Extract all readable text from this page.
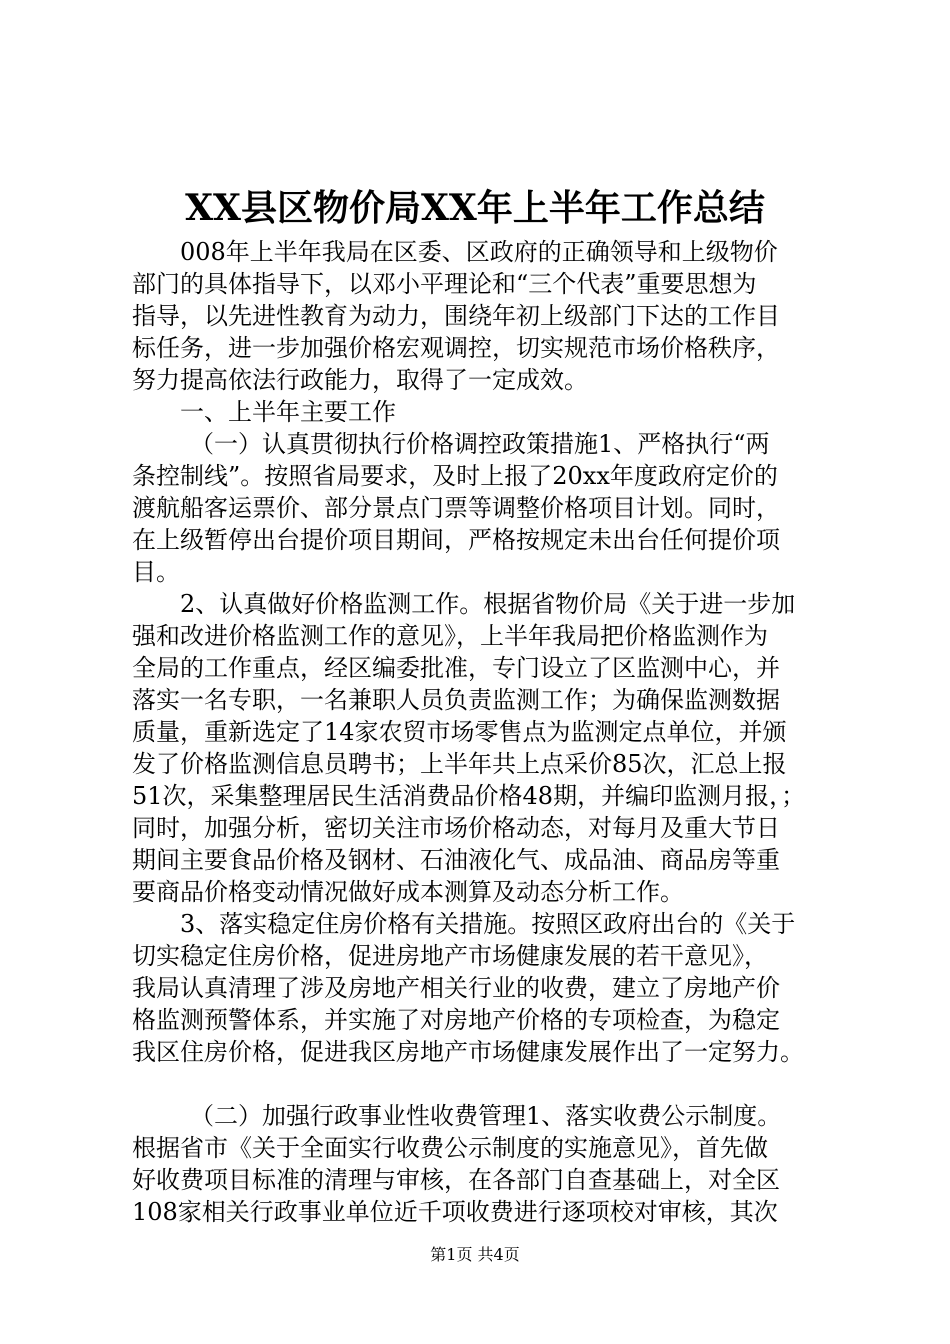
XX县区物价局XX年上半年工作总结
008年上半年我局在区委、区政府的正确领导和上级物价
部门的具体指导下，以邓小平理论和“三个代表”重要思想为
指导，以先进性教育为动力，围绕年初上级部门下达的工作目
标任务，进一步加强价格宏观调控，切实规范市场价格秩序，
努力提高依法行政能力，取得了一定成效。
一、上半年主要工作
（一）认真贯彻执行价格调控政策措施1、严格执行“两
条控制线”。按照省局要求，及时上报了20xx年度政府定价的
渡航船客运票价、部分景点门票等调整价格项目计划。同时，
在上级暂停出台提价项目期间，严格按规定未出台任何提价项
目。
2、认真做好价格监测工作。根据省物价局《关于进一步加
强和改进价格监测工作的意见》，上半年我局把价格监测作为
全局的工作重点，经区编委批准，专门设立了区监测中心，并
落实一名专职，一名兼职人员负责监测工作；为确保监测数据
质量，重新选定了14家农贸市场零售点为监测定点单位，并颁
发了价格监测信息员聘书；上半年共上点采价85次，汇总上报
51次，采集整理居民生活消费品价格48期，并编印监测月报，；
同时，加强分析，密切关注市场价格动态，对每月及重大节日
期间主要食品价格及钢材、石油液化气、成品油、商品房等重
要商品价格变动情况做好成本测算及动态分析工作。
3、落实稳定住房价格有关措施。按照区政府出台的《关于
切实稳定住房价格，促进房地产市场健康发展的若干意见》，
我局认真清理了涉及房地产相关行业的收费，建立了房地产价
格监测预警体系，并实施了对房地产价格的专项检查，为稳定
我区住房价格，促进我区房地产市场健康发展作出了一定努力。
（二）加强行政事业性收费管理1、落实收费公示制度。
根据省市《关于全面实行收费公示制度的实施意见》，首先做
好收费项目标准的清理与审核，在各部门自查基础上，对全区
108家相关行政事业单位近千项收费进行逐项校对审核，其次
第1页 共4页
